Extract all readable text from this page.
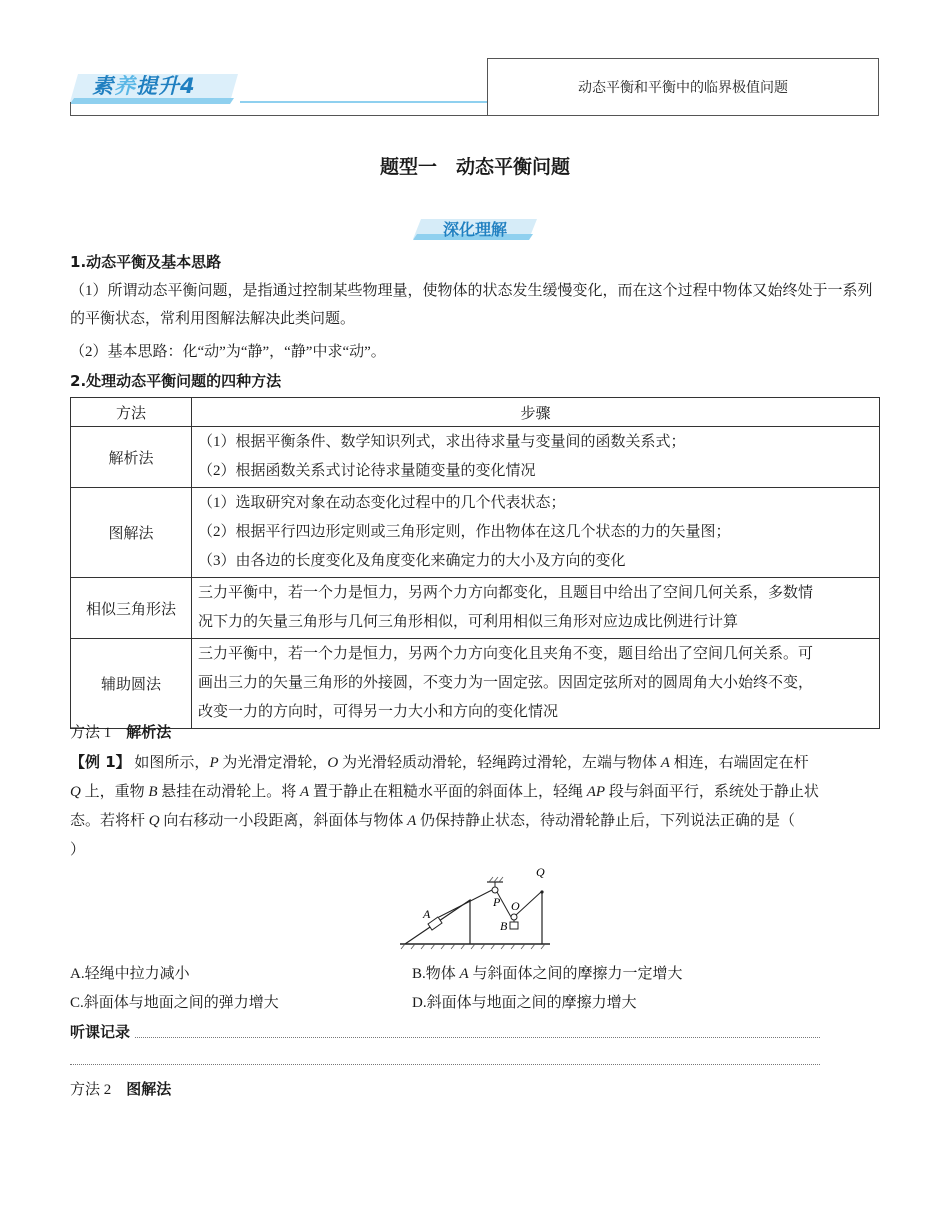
素养提升4	动态平衡和平衡中的临界极值问题
题型一　动态平衡问题
深化理解
1.动态平衡及基本思路
（1）所谓动态平衡问题，是指通过控制某些物理量，使物体的状态发生缓慢变化，而在这个过程中物体又始终处于一系列的平衡状态，常利用图解法解决此类问题。
（2）基本思路：化“动”为“静”，“静”中求“动”。
2.处理动态平衡问题的四种方法
方法	步骤
解析法	（1）根据平衡条件、数学知识列式，求出待求量与变量间的函数关系式；
（2）根据函数关系式讨论待求量随变量的变化情况

图解法	（1）选取研究对象在动态变化过程中的几个代表状态；
（2）根据平行四边形定则或三角形定则，作出物体在这几个状态的力的矢量图；
（3）由各边的长度变化及角度变化来确定力的大小及方向的变化

相似三角形法	三力平衡中，若一个力是恒力，另两个力方向都变化，且题目中给出了空间几何关系，多数情
况下力的矢量三角形与几何三角形相似，可利用相似三角形对应边成比例进行计算

辅助圆法	三力平衡中，若一个力是恒力，另两个力方向变化且夹角不变，题目给出了空间几何关系。可
画出三力的矢量三角形的外接圆，不变力为一固定弦。因固定弦所对的圆周角大小始终不变，
改变一力的方向时，可得另一力大小和方向的变化情况
方法 1　 解析法
【例 1】 如图所示，P 为光滑定滑轮，O 为光滑轻质动滑轮，轻绳跨过滑轮，左端与物体 A 相连，右端固定在杆
Q 上，重物 B 悬挂在动滑轮上。将 A 置于静止在粗糙水平面的斜面体上，轻绳 AP 段与斜面平行，系统处于静止状
态。若将杆 Q 向右移动一小段距离，斜面体与物体 A 仍保持静止状态，待动滑轮静止后，下列说法正确的是（
）
A
P O
B
Q
A.轻绳中拉力减小	B.物体 A 与斜面体之间的摩擦力一定增大
C.斜面体与地面之间的弹力增大	D.斜面体与地面之间的摩擦力增大
听课记录
方法 2　 图解法
